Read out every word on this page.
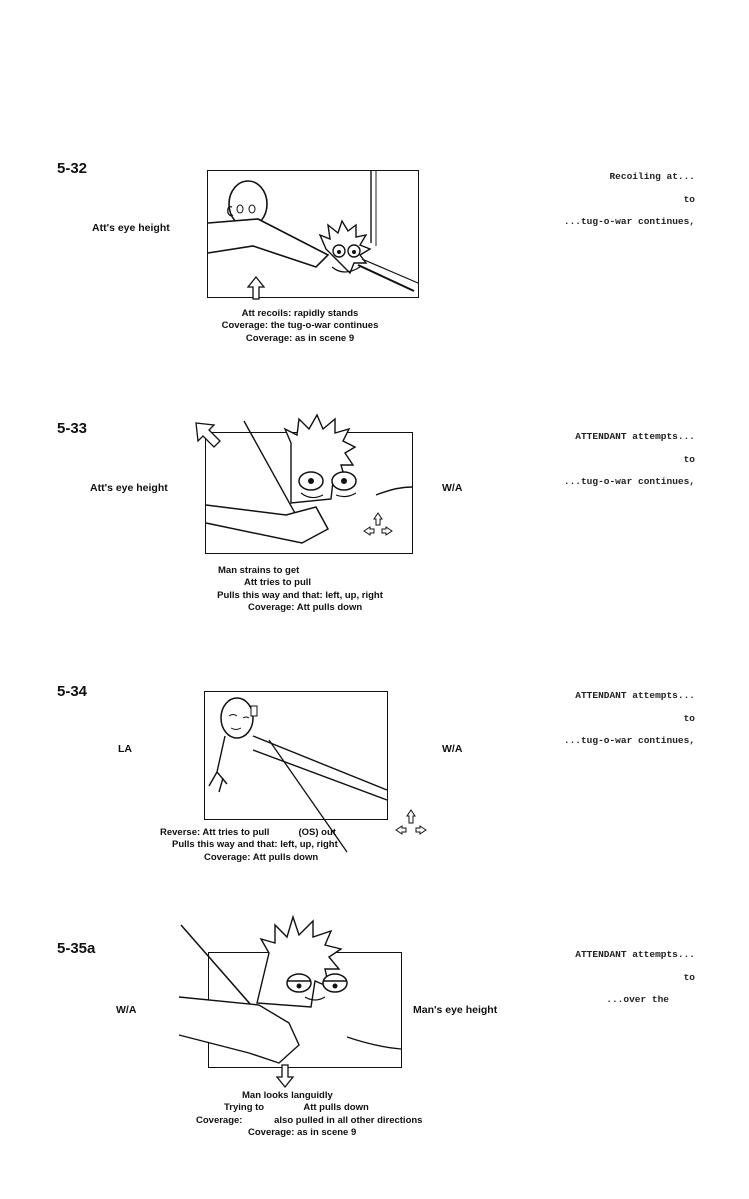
5-32
Att's eye height
Att recoils: rapidly stands
Coverage: the tug-o-war continues
Coverage: as in scene 9
Recoiling at...
to
...tug-o-war continues,
5-33
Att's eye height	W/A
Man strains to get
Att tries to pull
Pulls this way and that: left, up, right
Coverage: Att pulls down
ATTENDANT attempts...
to
...tug-o-war continues,
5-34
LA	W/A
Reverse: Att tries to pull           (OS) out
Pulls this way and that: left, up, right
Coverage: Att pulls down
ATTENDANT attempts...
to
...tug-o-war continues,
5-35a
W/A	Man's eye height
Man looks languidly
Trying to               Att pulls down
Coverage:            also pulled in all other directions
Coverage: as in scene 9
ATTENDANT attempts...
to
...over the
